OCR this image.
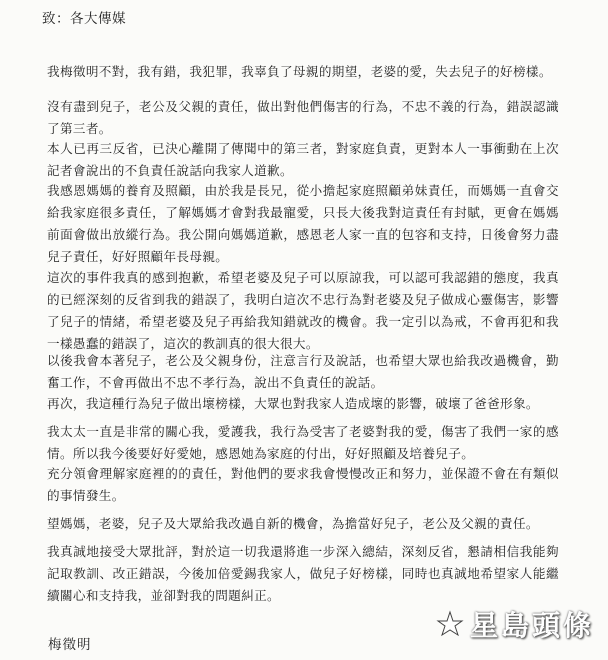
致：各大傳媒

我梅徵明不對，我有錯，我犯罪，我辜負了母親的期望，老婆的愛，失去兒子的好榜樣。

沒有盡到兒子，老公及父親的責任，做出對他們傷害的行為，不忠不義的行為，錯誤認識了第三者。

本人已再三反省，已決心離開了傳聞中的第三者，對家庭負責，更對本人一事衝動在上次記者會說出的不負責任說話向我家人道歉。

我感恩媽媽的養育及照顧，由於我是長兄，從小擔起家庭照顧弟妹責任，而媽媽一直會交給我家庭很多責任，了解媽媽才會對我最寵愛，只長大後我對這責任有封賦，更會在媽媽前面會做出放縱行為。我公開向媽媽道歉，感恩老人家一直的包容和支持，日後會努力盡兒子責任，好好照顧年長母親。

這次的事件我真的感到抱歉，希望老婆及兒子可以原諒我，可以認可我認錯的態度，我真的已經深刻的反省到我的錯誤了，我明白這次不忠行為對老婆及兒子做成心靈傷害，影響了兒子的情緒，希望老婆及兒子再給我知錯就改的機會。我一定引以為戒，不會再犯和我一樣愚蠢的錯誤了，這次的教訓真的很大很大。

以後我會本著兒子，老公及父親身份，注意言行及說話，也希望大眾也給我改過機會，勤奮工作，不會再做出不忠不孝行為，說出不負責任的說話。

再次，我這種行為兒子做出壞榜樣，大眾也對我家人造成壞的影響，破壞了爸爸形象。

我太太一直是非常的關心我，愛護我，我行為受害了老婆對我的愛，傷害了我們一家的感情。所以我今後要好好愛她，感恩她為家庭的付出，好好照顧及培養兒子。

充分領會理解家庭裡的的責任，對他們的要求我會慢慢改正和努力，並保證不會在有類似的事情發生。

望媽媽，老婆，兒子及大眾給我改過自新的機會，為擔當好兒子，老公及父親的責任。

我真誠地接受大眾批評，對於這一切我還將進一步深入總結，深刻反省，懇請相信我能夠記取教訓、改正錯誤，今後加倍愛錫我家人，做兒子好榜樣，同時也真誠地希望家人能繼續關心和支持我，並卻對我的問題糾正。

梅徵明
星島頭條
